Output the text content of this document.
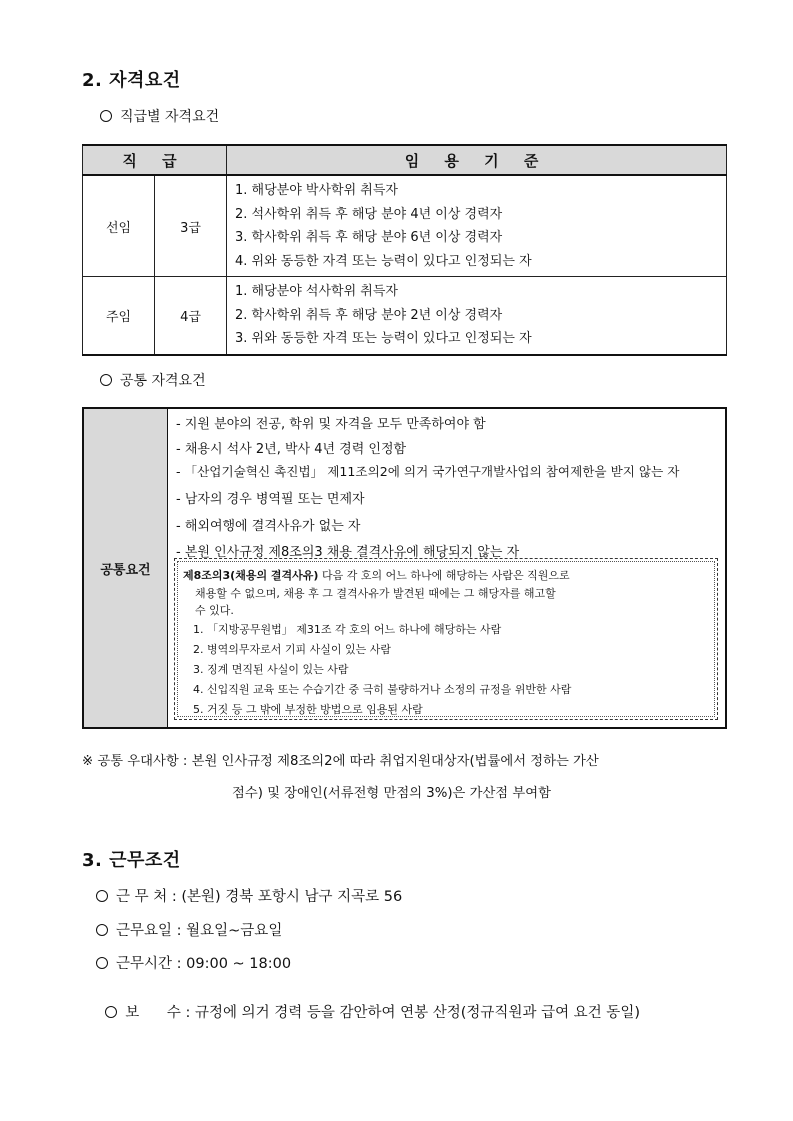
2. 자격요건
직급별 자격요건
직 급		임 용 기 준
선임	3급	1. 해당분야 박사학위 취득자
2. 석사학위 취득 후 해당 분야 4년 이상 경력자
3. 학사학위 취득 후 해당 분야 6년 이상 경력자
4. 위와 동등한 자격 또는 능력이 있다고 인정되는 자

주임	4급	1. 해당분야 석사학위 취득자
2. 학사학위 취득 후 해당 분야 2년 이상 경력자
3. 위와 동등한 자격 또는 능력이 있다고 인정되는 자
공통 자격요건
공통요건
- 지원 분야의 전공, 학위 및 자격을 모두 만족하여야 함
- 채용시 석사 2년, 박사 4년 경력 인정함
- 「산업기술혁신 촉진법」 제11조의2에 의거 국가연구개발사업의 참여제한을 받지 않는 자
- 남자의 경우 병역필 또는 면제자
- 해외여행에 결격사유가 없는 자
- 본원 인사규정 제8조의3 채용 결격사유에 해당되지 않는 자
제8조의3(채용의 결격사유) 다음 각 호의 어느 하나에 해당하는 사람은 직원으로
채용할 수 없으며, 채용 후 그 결격사유가 발견된 때에는 그 해당자를 해고할
수 있다.
1. 「지방공무원법」 제31조 각 호의 어느 하나에 해당하는 사람
2. 병역의무자로서 기피 사실이 있는 사람
3. 징계 면직된 사실이 있는 사람
4. 신입직원 교육 또는 수습기간 중 극히 불량하거나 소정의 규정을 위반한 사람
5. 거짓 등 그 밖에 부정한 방법으로 임용된 사람
※ 공통 우대사항 : 본원 인사규정 제8조의2에 따라 취업지원대상자(법률에서 정하는 가산
점수) 및 장애인(서류전형 만점의 3%)은 가산점 부여함
3. 근무조건
근 무 처 : (본원) 경북 포항시 남구 지곡로 56
근무요일 : 월요일~금요일
근무시간 : 09:00 ~ 18:00

보      수 : 규정에 의거 경력 등을 감안하여 연봉 산정(정규직원과 급여 요건 동일)
